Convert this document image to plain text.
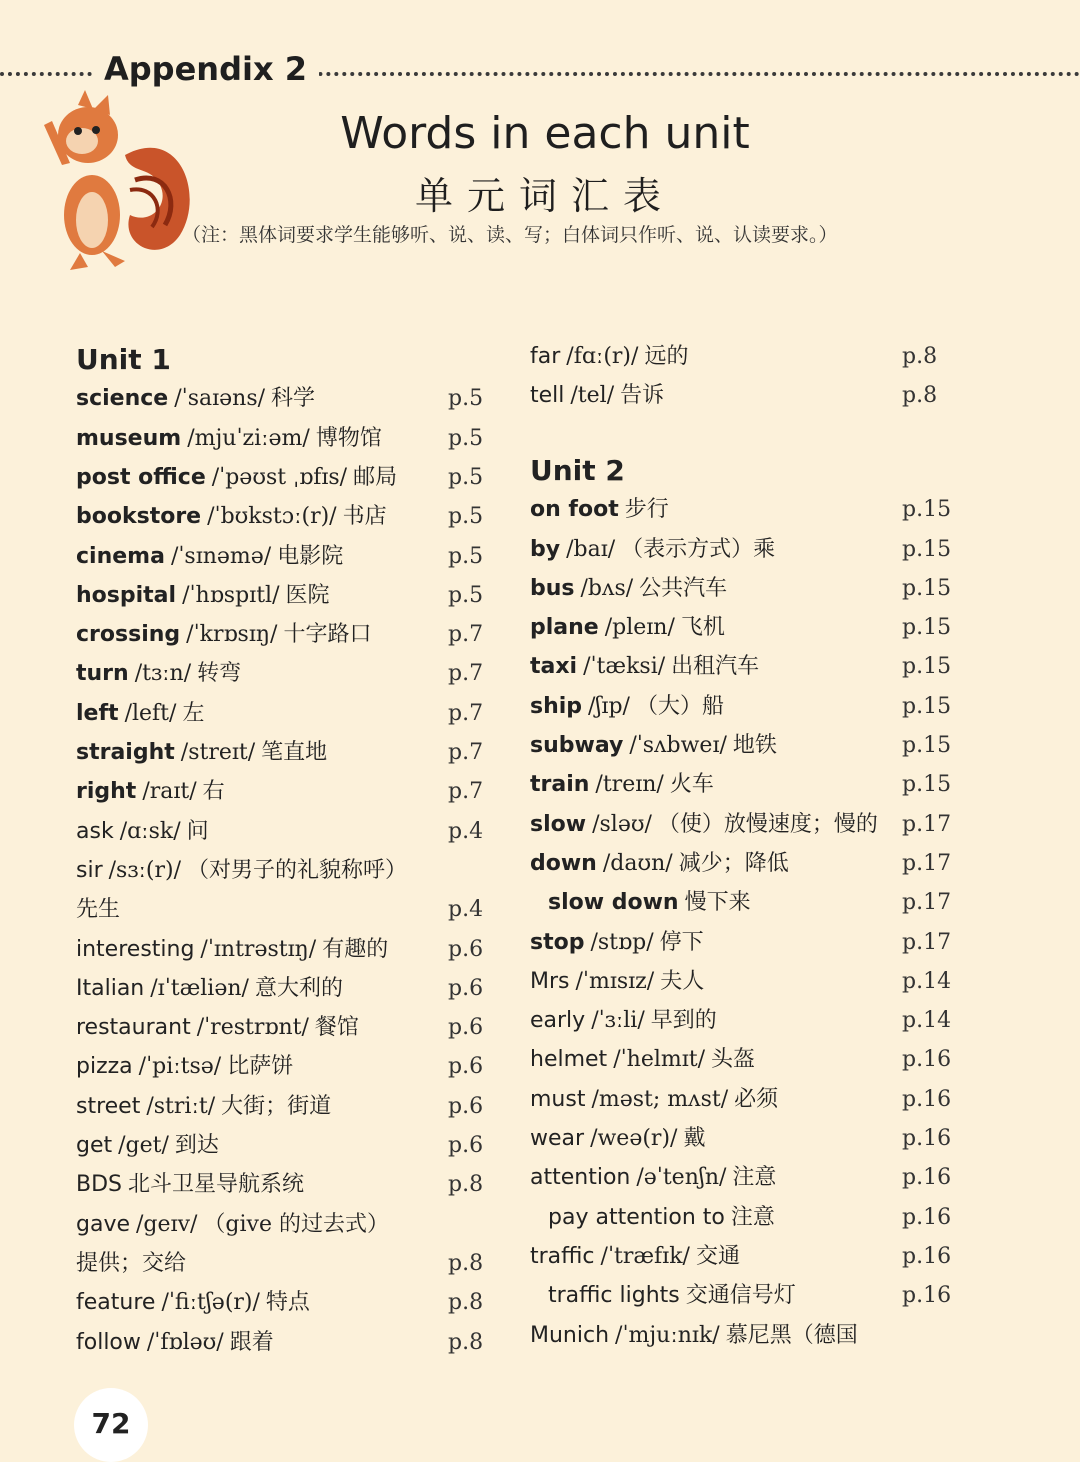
Appendix 2
Words in each unit
单元词汇表
（注：黑体词要求学生能够听、说、读、写；白体词只作听、说、认读要求。）
Unit 1
science /ˈsaɪəns/ 科学	p.5
museum /mjuˈziːəm/ 博物馆	p.5
post office /ˈpəʊst ˌɒfɪs/ 邮局 p.5
bookstore /ˈbʊkstɔː(r)/ 书店	p.5
cinema /ˈsɪnəmə/ 电影院	p.5
hospital /ˈhɒspɪtl/ 医院	p.5
crossing /ˈkrɒsɪŋ/ 十字路口	p.7
turn /tɜːn/ 转弯	p.7
left /left/ 左	p.7
straight /streɪt/ 笔直地	p.7
right /raɪt/ 右	p.7
ask /ɑːsk/ 问	p.4
sir /sɜː(r)/ （对男子的礼貌称呼）
先生	p.4
interesting /ˈɪntrəstɪŋ/ 有趣的	p.6
Italian /ɪˈtæliən/ 意大利的	p.6
restaurant /ˈrestrɒnt/ 餐馆	p.6
pizza /ˈpiːtsə/ 比萨饼	p.6
street /striːt/ 大街；街道	p.6
get /get/ 到达	p.6
BDS 北斗卫星导航系统	p.8
gave /geɪv/ （give 的过去式）
提供；交给	p.8
feature /ˈfiːtʃə(r)/ 特点	p.8
follow /ˈfɒləʊ/ 跟着	p.8
far /fɑː(r)/ 远的	p.8
tell /tel/ 告诉	p.8
Unit 2
on foot 步行	p.15
by /baɪ/ （表示方式）乘	p.15
bus /bʌs/ 公共汽车	p.15
plane /pleɪn/ 飞机	p.15
taxi /ˈtæksi/ 出租汽车	p.15
ship /ʃɪp/ （大）船	p.15
subway /ˈsʌbweɪ/ 地铁	p.15
train /treɪn/ 火车	p.15
slow /sləʊ/ （使）放慢速度；慢的 p.17
down /daʊn/ 减少；降低	p.17
slow down 慢下来	p.17
stop /stɒp/ 停下	p.17
Mrs /ˈmɪsɪz/ 夫人	p.14
early /ˈɜːli/ 早到的	p.14
helmet /ˈhelmɪt/ 头盔	p.16
must /məst; mʌst/ 必须	p.16
wear /weə(r)/ 戴	p.16
attention /əˈtenʃn/ 注意	p.16
pay attention to 注意	p.16
traffic /ˈtræfɪk/ 交通	p.16
traffic lights 交通信号灯	p.16
Munich /ˈmjuːnɪk/ 慕尼黑（德国
72
